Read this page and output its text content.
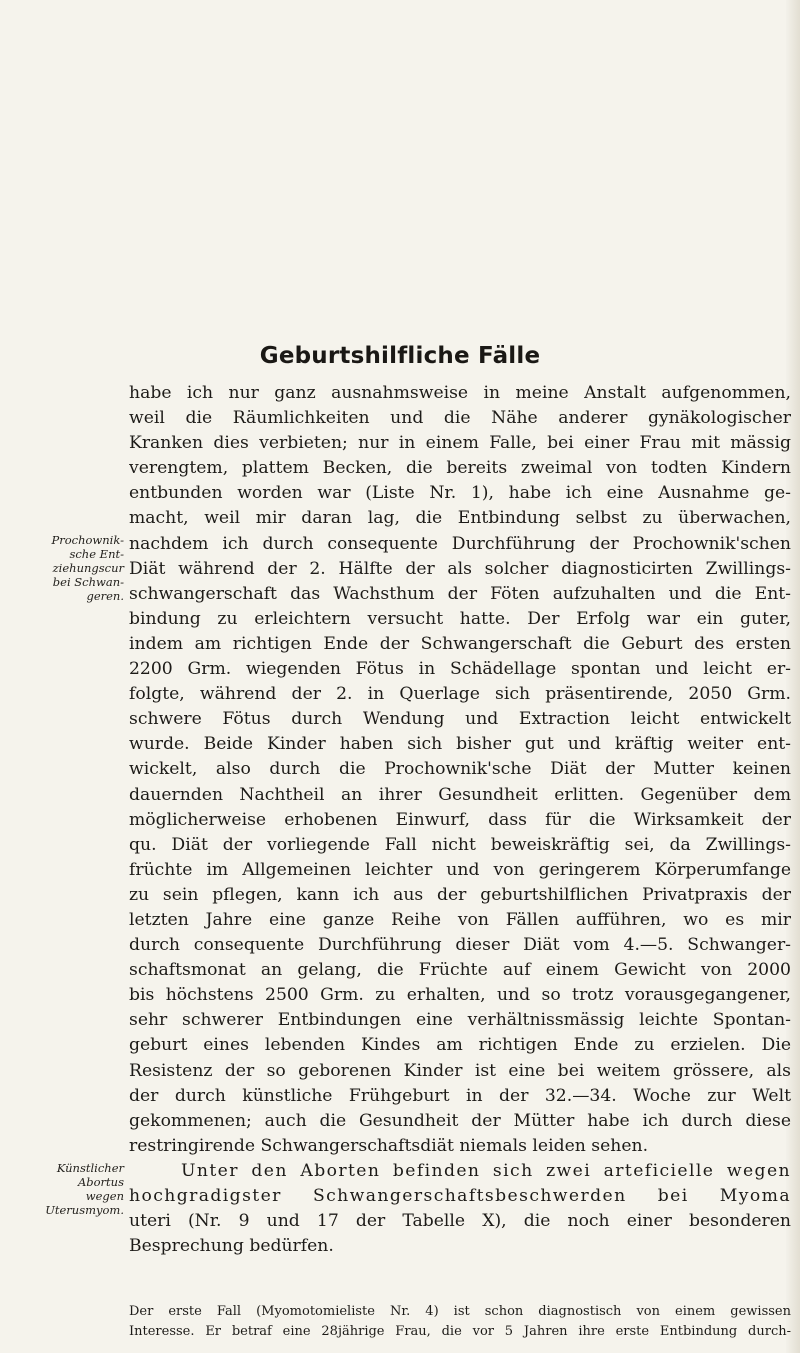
Geburtshilfliche Fälle
Prochownik-
sche Ent-
ziehungscur
bei Schwan-
geren.
Künstlicher
Abortus
wegen
Uterusmyom.
habe ich nur ganz ausnahmsweise in meine Anstalt aufgenommen,
weil die Räumlichkeiten und die Nähe anderer gynäkologischer
Kranken dies verbieten; nur in einem Falle, bei einer Frau mit mässig
verengtem, plattem Becken, die bereits zweimal von todten Kindern
entbunden worden war (Liste Nr. 1), habe ich eine Ausnahme ge-
macht, weil mir daran lag, die Entbindung selbst zu überwachen,
nachdem ich durch consequente Durchführung der Prochownik'schen
Diät während der 2. Hälfte der als solcher diagnosticirten Zwillings-
schwangerschaft das Wachsthum der Föten aufzuhalten und die Ent-
bindung zu erleichtern versucht hatte. Der Erfolg war ein guter,
indem am richtigen Ende der Schwangerschaft die Geburt des ersten
2200 Grm. wiegenden Fötus in Schädellage spontan und leicht er-
folgte, während der 2. in Querlage sich präsentirende, 2050 Grm.
schwere Fötus durch Wendung und Extraction leicht entwickelt
wurde. Beide Kinder haben sich bisher gut und kräftig weiter ent-
wickelt, also durch die Prochownik'sche Diät der Mutter keinen
dauernden Nachtheil an ihrer Gesundheit erlitten. Gegenüber dem
möglicherweise erhobenen Einwurf, dass für die Wirksamkeit der
qu. Diät der vorliegende Fall nicht beweiskräftig sei, da Zwillings-
früchte im Allgemeinen leichter und von geringerem Körperumfange
zu sein pflegen, kann ich aus der geburtshilflichen Privatpraxis der
letzten Jahre eine ganze Reihe von Fällen aufführen, wo es mir
durch consequente Durchführung dieser Diät vom 4.—5. Schwanger-
schaftsmonat an gelang, die Früchte auf einem Gewicht von 2000
bis höchstens 2500 Grm. zu erhalten, und so trotz vorausgegangener,
sehr schwerer Entbindungen eine verhältnissmässig leichte Spontan-
geburt eines lebenden Kindes am richtigen Ende zu erzielen. Die
Resistenz der so geborenen Kinder ist eine bei weitem grössere, als
der durch künstliche Frühgeburt in der 32.—34. Woche zur Welt
gekommenen; auch die Gesundheit der Mütter habe ich durch diese
restringirende Schwangerschaftsdiät niemals leiden sehen.
Unter den Aborten befinden sich zwei arteficielle wegen
hochgradigster Schwangerschaftsbeschwerden bei Myoma
uteri (Nr. 9 und 17 der Tabelle X), die noch einer besonderen
Besprechung bedürfen.
Der erste Fall (Myomotomieliste Nr. 4) ist schon diagnostisch von einem gewissen
Interesse. Er betraf eine 28jährige Frau, die vor 5 Jahren ihre erste Entbindung durch-
